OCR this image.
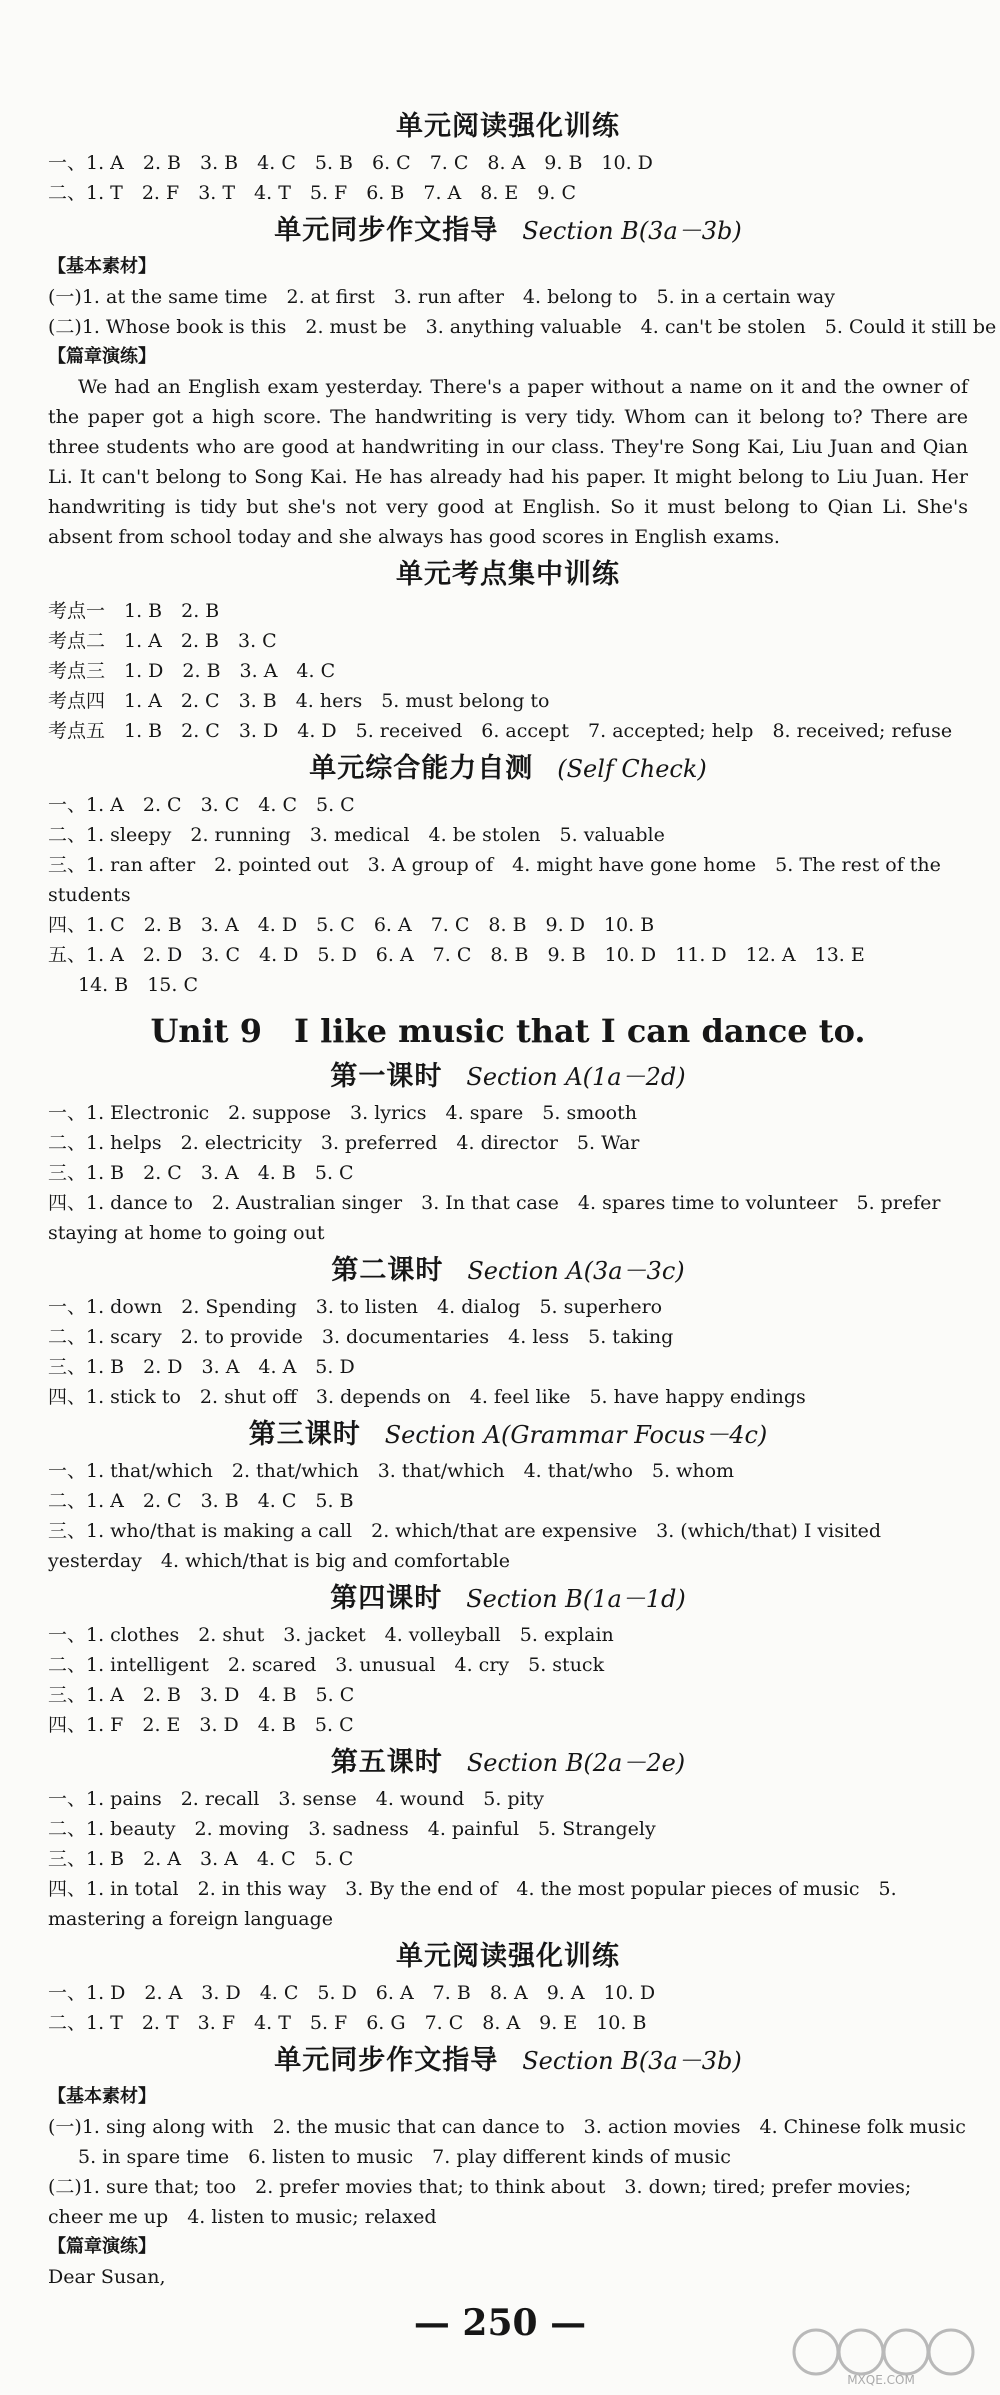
单元阅读强化训练
一、1. A　2. B　3. B　4. C　5. B　6. C　7. C　8. A　9. B　10. D
二、1. T　2. F　3. T　4. T　5. F　6. B　7. A　8. E　9. C
单元同步作文指导 Section B(3a－3b)
【基本素材】
(一)1. at the same time　2. at first　3. run after　4. belong to　5. in a certain way
(二)1. Whose book is this　2. must be　3. anything valuable　4. can't be stolen　5. Could it still be
【篇章演练】
We had an English exam yesterday. There's a paper without a name on it and the owner of the paper got a high score. The handwriting is very tidy. Whom can it belong to? There are three students who are good at handwriting in our class. They're Song Kai, Liu Juan and Qian Li. It can't belong to Song Kai. He has already had his paper. It might belong to Liu Juan. Her handwriting is tidy but she's not very good at English. So it must belong to Qian Li. She's absent from school today and she always has good scores in English exams.
单元考点集中训练
考点一　1. B　2. B
考点二　1. A　2. B　3. C
考点三　1. D　2. B　3. A　4. C
考点四　1. A　2. C　3. B　4. hers　5. must belong to
考点五　1. B　2. C　3. D　4. D　5. received　6. accept　7. accepted; help　8. received; refuse
单元综合能力自测 (Self Check)
一、1. A　2. C　3. C　4. C　5. C
二、1. sleepy　2. running　3. medical　4. be stolen　5. valuable
三、1. ran after　2. pointed out　3. A group of　4. might have gone home　5. The rest of the students
四、1. C　2. B　3. A　4. D　5. C　6. A　7. C　8. B　9. D　10. B
五、1. A　2. D　3. C　4. D　5. D　6. A　7. C　8. B　9. B　10. D　11. D　12. A　13. E
14. B　15. C
Unit 9　I like music that I can dance to.
第一课时 Section A(1a－2d)
一、1. Electronic　2. suppose　3. lyrics　4. spare　5. smooth
二、1. helps　2. electricity　3. preferred　4. director　5. War
三、1. B　2. C　3. A　4. B　5. C
四、1. dance to　2. Australian singer　3. In that case　4. spares time to volunteer　5. prefer staying at home to going out
第二课时 Section A(3a－3c)
一、1. down　2. Spending　3. to listen　4. dialog　5. superhero
二、1. scary　2. to provide　3. documentaries　4. less　5. taking
三、1. B　2. D　3. A　4. A　5. D
四、1. stick to　2. shut off　3. depends on　4. feel like　5. have happy endings
第三课时 Section A(Grammar Focus－4c)
一、1. that/which　2. that/which　3. that/which　4. that/who　5. whom
二、1. A　2. C　3. B　4. C　5. B
三、1. who/that is making a call　2. which/that are expensive　3. (which/that) I visited yesterday　4. which/that is big and comfortable
第四课时 Section B(1a－1d)
一、1. clothes　2. shut　3. jacket　4. volleyball　5. explain
二、1. intelligent　2. scared　3. unusual　4. cry　5. stuck
三、1. A　2. B　3. D　4. B　5. C
四、1. F　2. E　3. D　4. B　5. C
第五课时 Section B(2a－2e)
一、1. pains　2. recall　3. sense　4. wound　5. pity
二、1. beauty　2. moving　3. sadness　4. painful　5. Strangely
三、1. B　2. A　3. A　4. C　5. C
四、1. in total　2. in this way　3. By the end of　4. the most popular pieces of music　5. mastering a foreign language
单元阅读强化训练
一、1. D　2. A　3. D　4. C　5. D　6. A　7. B　8. A　9. A　10. D
二、1. T　2. T　3. F　4. T　5. F　6. G　7. C　8. A　9. E　10. B
单元同步作文指导 Section B(3a－3b)
【基本素材】
(一)1. sing along with　2. the music that can dance to　3. action movies　4. Chinese folk music
5. in spare time　6. listen to music　7. play different kinds of music
(二)1. sure that; too　2. prefer movies that; to think about　3. down; tired; prefer movies; cheer me up　4. listen to music; relaxed
【篇章演练】
Dear Susan,
— 250 —
MXQE.COM
